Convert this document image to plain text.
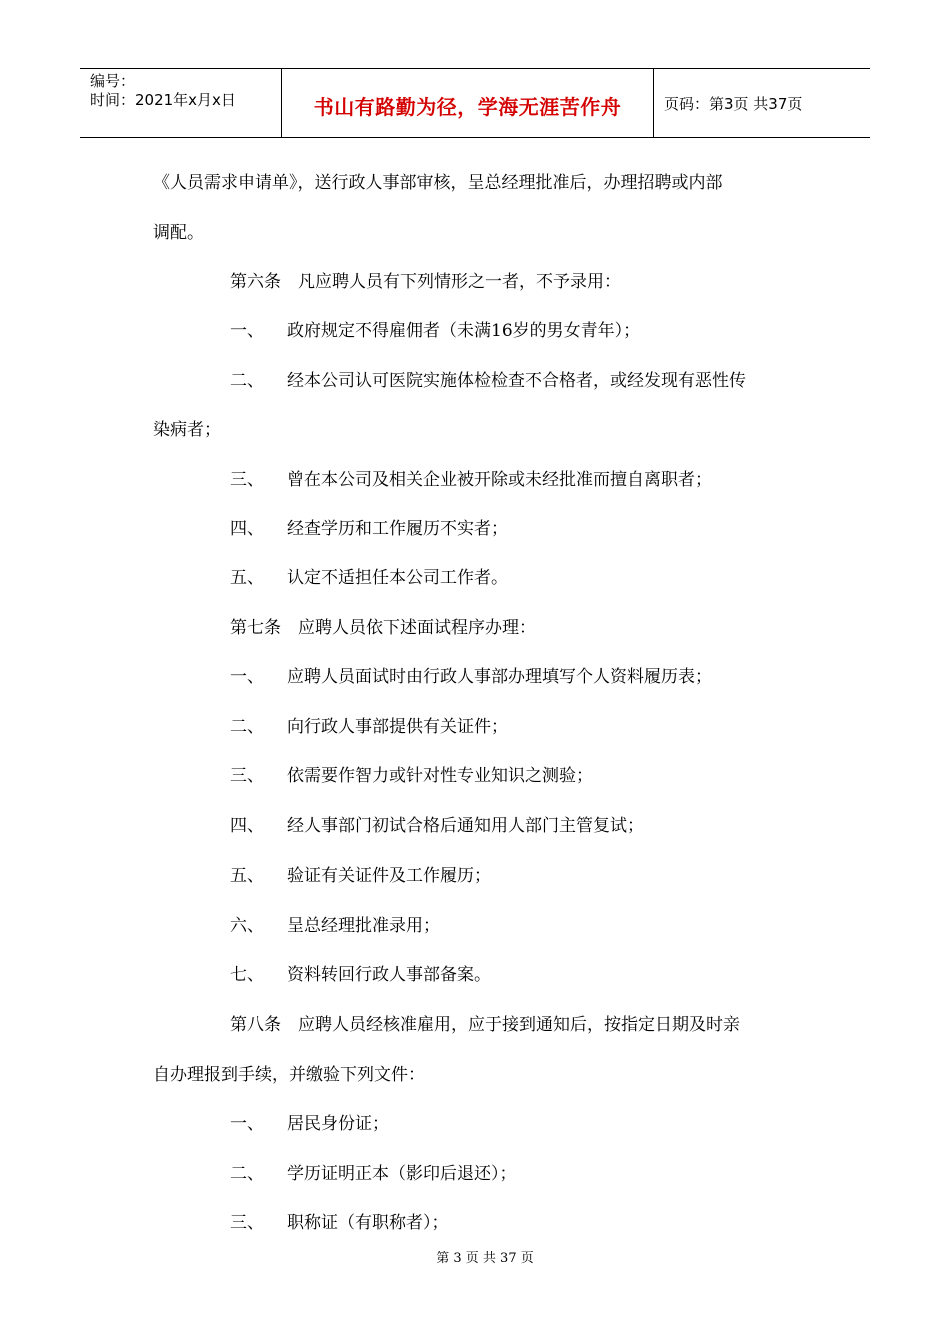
编号：
时间：2021年x月x日	书山有路勤为径，学海无涯苦作舟	页码：第3页 共37页
《人员需求申请单》，送行政人事部审核，呈总经理批准后，办理招聘或内部
调配。
第六条　凡应聘人员有下列情形之一者，不予录用：
一、 政府规定不得雇佣者（未满16岁的男女青年）；
二、 经本公司认可医院实施体检检查不合格者，或经发现有恶性传
染病者；
三、 曾在本公司及相关企业被开除或未经批准而擅自离职者；
四、 经查学历和工作履历不实者；
五、 认定不适担任本公司工作者。
第七条　应聘人员依下述面试程序办理：
一、 应聘人员面试时由行政人事部办理填写个人资料履历表；
二、 向行政人事部提供有关证件；
三、 依需要作智力或针对性专业知识之测验；
四、 经人事部门初试合格后通知用人部门主管复试；
五、 验证有关证件及工作履历；
六、 呈总经理批准录用；
七、 资料转回行政人事部备案。
第八条　应聘人员经核准雇用，应于接到通知后，按指定日期及时亲
自办理报到手续，并缴验下列文件：
一、 居民身份证；
二、 学历证明正本（影印后退还）；
三、 职称证（有职称者）；
第 3 页 共 37 页
